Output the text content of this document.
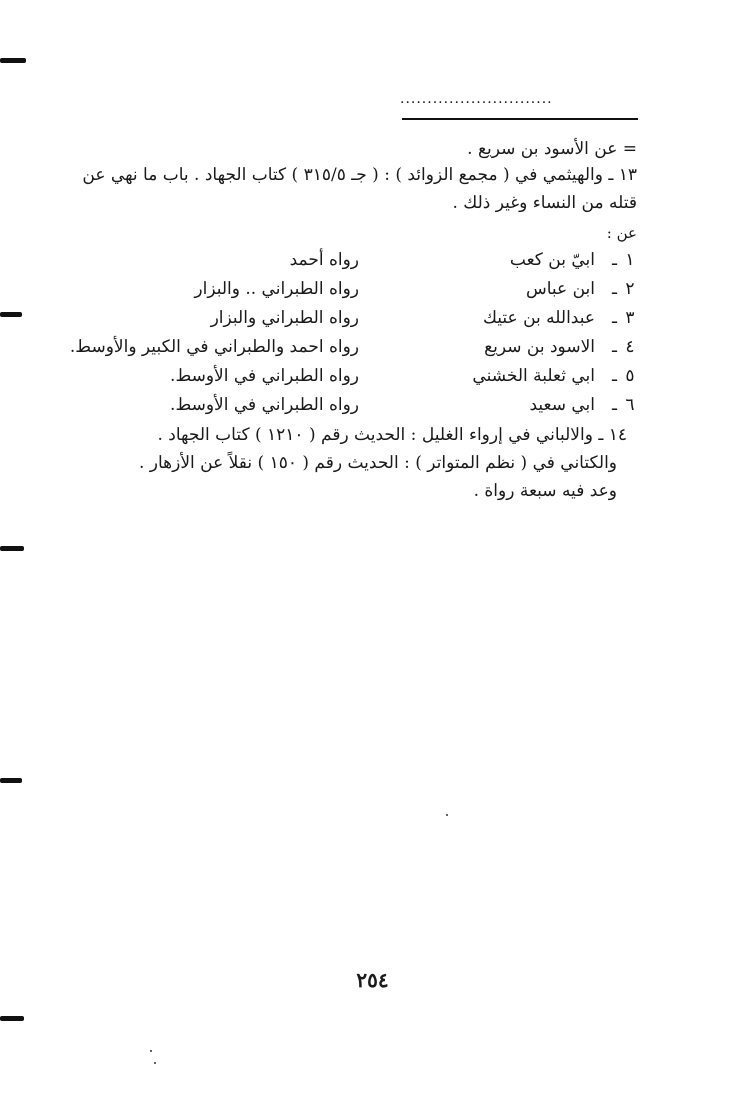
............................
= عن الأسود بن سريع .
١٣ ـ والهيثمي في ( مجمع الزوائد ) : ( جـ ٣١٥/٥ ) كتاب الجهاد . باب ما نهي عن
قتله من النساء وغير ذلك .
عن :
١
ـ
ابيّ بن كعب
رواه أحمد
٢
ـ
ابن عباس
رواه الطبراني .. والبزار
٣
ـ
عبدالله بن عتيك
رواه الطبراني والبزار
٤
ـ
الاسود بن سريع
رواه احمد والطبراني في الكبير والأوسط.
٥
ـ
ابي ثعلبة الخشني
رواه الطبراني في الأوسط.
٦
ـ
ابي سعيد
رواه الطبراني في الأوسط.
١٤ ـ والالباني في إرواء الغليل : الحديث رقم ( ١٢١٠ ) كتاب الجهاد .
والكتاني في ( نظم المتواتر ) : الحديث رقم ( ١٥٠ ) نقلاً عن الأزهار .
وعد فيه سبعة رواة .
٢٥٤
